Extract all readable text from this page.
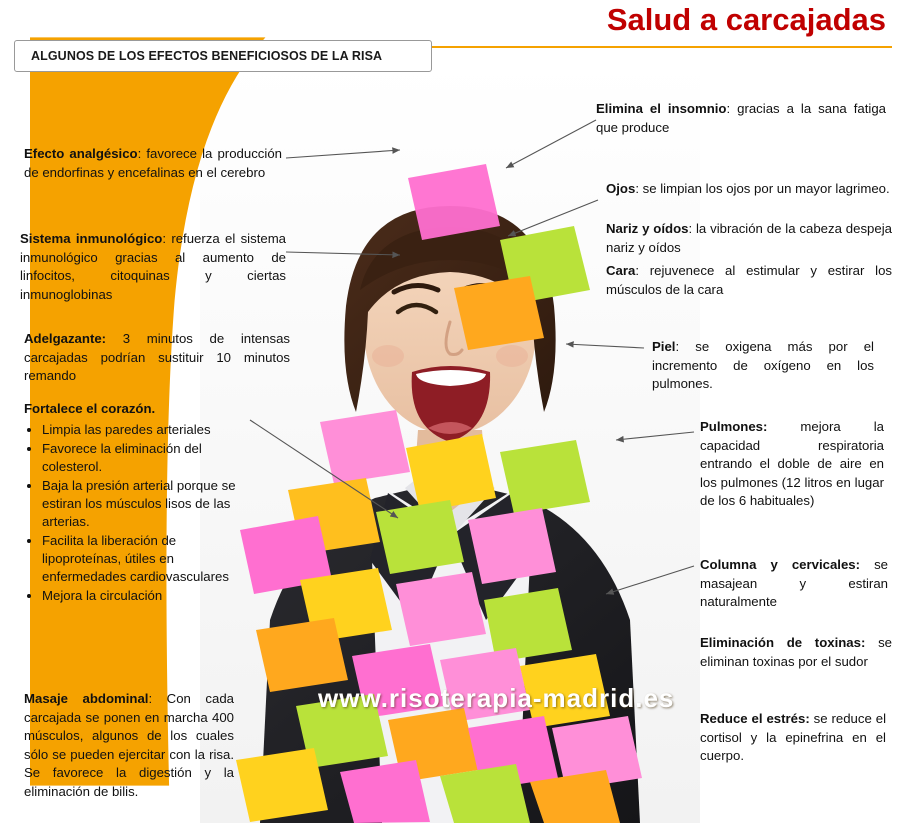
Salud a carcajadas
ALGUNOS DE LOS EFECTOS BENEFICIOSOS DE LA RISA
Efecto analgésico: favorece la producción de endorfinas y encefalinas en el cerebro
Sistema inmunológico: refuerza el sistema inmunológico gracias al aumento de linfocitos, citoquinas y ciertas inmunoglobinas
Adelgazante: 3 minutos de intensas carcajadas podrían sustituir 10 minutos remando
Fortalece el corazón.
• Limpia las paredes arteriales
• Favorece la eliminación del colesterol.
• Baja la presión arterial porque se estiran los músculos lisos de las arterias.
• Facilita la liberación de lipoproteínas, útiles en enfermedades cardiovasculares
• Mejora la circulación
Masaje abdominal: Con cada carcajada se ponen en marcha 400 músculos, algunos de los cuales sólo se pueden ejercitar con la risa. Se favorece la digestión y la eliminación de bilis.
Elimina el insomnio: gracias a la sana fatiga que produce
Ojos: se limpian los ojos por un mayor lagrimeo.
Nariz y oídos: la vibración de la cabeza despeja nariz y oídos
Cara: rejuvenece al estimular y estirar los músculos de la cara
Piel: se oxigena más por el incremento de oxígeno en los pulmones.
Pulmones: mejora la capacidad respiratoria entrando el doble de aire en los pulmones (12 litros en lugar de los 6 habituales)
Columna y cervicales: se masajean y estiran naturalmente
Eliminación de toxinas: se eliminan toxinas por el sudor
Reduce el estrés: se reduce el cortisol y la epinefrina en el cuerpo.
www.risoterapia-madrid.es
